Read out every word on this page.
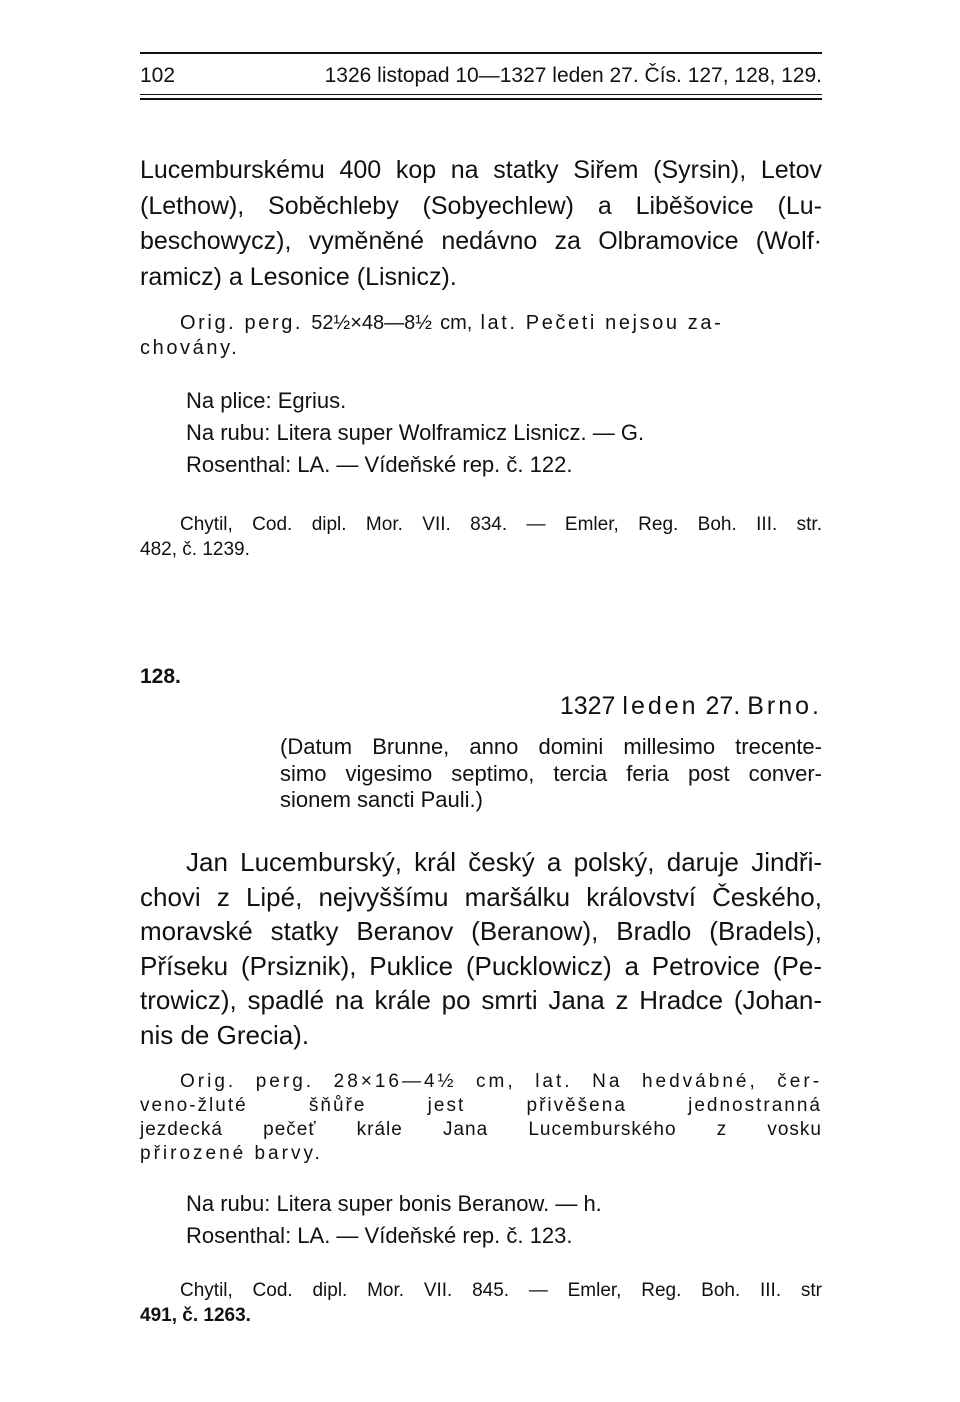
102	1326 listopad 10—1327 leden 27. Čís. 127, 128, 129.
Lucemburskému 400 kop na statky Siřem (Syrsin), Letov
(Lethow), Soběchleby (Sobyechlew) a Liběšovice (Lu-
beschowycz), vyměněné nedávno za Olbramovice (Wolf·
ramicz) a Lesonice (Lisnicz).
Orig. perg. 52½×48—8½ cm, lat. Pečeti nejsou za-
chovány.
Na plice: Egrius.
Na rubu: Litera super Wolframicz Lisnicz. — G.
Rosenthal: LA. — Vídeňské rep. č. 122.
Chytil, Cod. dipl. Mor. VII. 834. — Emler, Reg. Boh. III. str.
482, č. 1239.
128.
1327 leden 27. Brno.
(Datum Brunne, anno domini millesimo trecente-
simo vigesimo septimo, tercia feria post conver-
sionem sancti Pauli.)
Jan Lucemburský, král český a polský, daruje Jindři-
chovi z Lipé, nejvyššímu maršálku království Českého,
moravské statky Beranov (Beranow), Bradlo (Bradels),
Příseku (Prsiznik), Puklice (Pucklowicz) a Petrovice (Pe-
trowicz), spadlé na krále po smrti Jana z Hradce (Johan-
nis de Grecia).
Orig. perg. 28×16—4½ cm, lat. Na hedvábné, čer-
veno-žluté šňůře jest přivěšena jednostranná
jezdecká pečeť krále Jana Lucemburského z vosku
přirozené barvy.
Na rubu: Litera super bonis Beranow. — h.
Rosenthal: LA. — Vídeňské rep. č. 123.
Chytil, Cod. dipl. Mor. VII. 845. — Emler, Reg. Boh. III. str
491, č. 1263.
